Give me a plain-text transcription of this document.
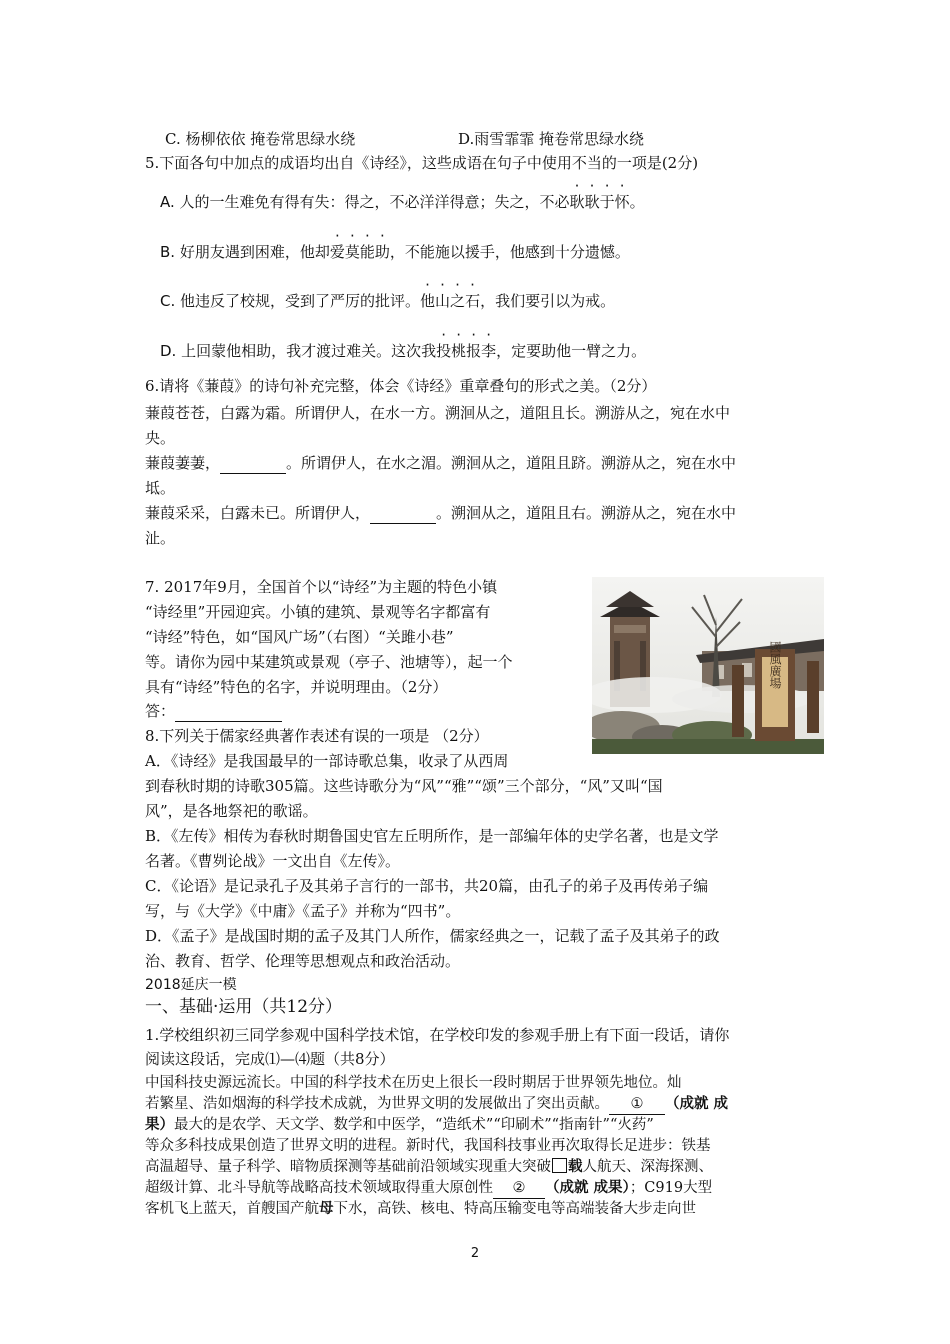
C. 杨柳依依 掩卷常思绿水绕	D.雨雪霏霏 掩卷常思绿水绕
5.下面各句中加点的成语均出自《诗经》，这些成语在句子中使用不当的一项是(2分)
A. 人的一生难免有得有失：得之，不必洋洋得意；失之，不必耿耿于怀。
B. 好朋友遇到困难，他却爱莫能助，不能施以援手，他感到十分遗憾。
C. 他违反了校规，受到了严厉的批评。他山之石，我们要引以为戒。
D. 上回蒙他相助，我才渡过难关。这次我投桃报李，定要助他一臂之力。
6.请将《蒹葭》的诗句补充完整，体会《诗经》重章叠句的形式之美。（2分）
蒹葭苍苍，白露为霜。所谓伊人，在水一方。溯洄从之，道阻且长。溯游从之，宛在水中
央。
蒹葭萋萋，	。所谓伊人，在水之湄。溯洄从之，道阻且跻。溯游从之，宛在水中
坻。
蒹葭采采，白露未已。所谓伊人，	。溯洄从之，道阻且右。溯游从之，宛在水中
沚。
7. 2017年9月，全国首个以“诗经”为主题的特色小镇
“诗经里”开园迎宾。小镇的建筑、景观等名字都富有
“诗经”特色，如“国风广场”（右图）“关雎小巷”
等。请你为园中某建筑或景观（亭子、池塘等），起一个
具有“诗经”特色的名字，并说明理由。（2分）
答：
國風廣場
8.下列关于儒家经典著作表述有误的一项是 （2分）
A．《诗经》是我国最早的一部诗歌总集，收录了从西周
到春秋时期的诗歌305篇。这些诗歌分为“风”“雅”“颂”三个部分，“风”又叫“国
风”，是各地祭祀的歌谣。
B．《左传》相传为春秋时期鲁国史官左丘明所作，是一部编年体的史学名著，也是文学
名著。《曹刿论战》一文出自《左传》。
C．《论语》是记录孔子及其弟子言行的一部书，共20篇，由孔子的弟子及再传弟子编
写，与《大学》《中庸》《孟子》并称为“四书”。
D．《孟子》是战国时期的孟子及其门人所作，儒家经典之一，记载了孟子及其弟子的政
治、教育、哲学、伦理等思想观点和政治活动。
2018延庆一模
一、基础·运用（共12分）
1.学校组织初三同学参观中国科学技术馆，在学校印发的参观手册上有下面一段话，请你
阅读这段话，完成⑴—⑷题（共8分）
中国科技史源远流长。中国的科学技术在历史上很长一段时期居于世界领先地位。灿
若繁星、浩如烟海的科学技术成就，为世界文明的发展做出了突出贡献。 ① （成就 成
果）最大的是农学、天文学、数学和中医学，“造纸术”“印刷术”“指南针”“火药”
等众多科技成果创造了世界文明的进程。新时代，我国科技事业再次取得长足进步：铁基
高温超导、量子科学、暗物质探测等基础前沿领域实现重大突破 载人航天、深海探测、
超级计算、北斗导航等战略高技术领域取得重大原创性 ② （成就 成果）；C919大型
客机飞上蓝天，首艘国产航母下水，高铁、核电、特高压输变电等高端装备大步走向世
2
